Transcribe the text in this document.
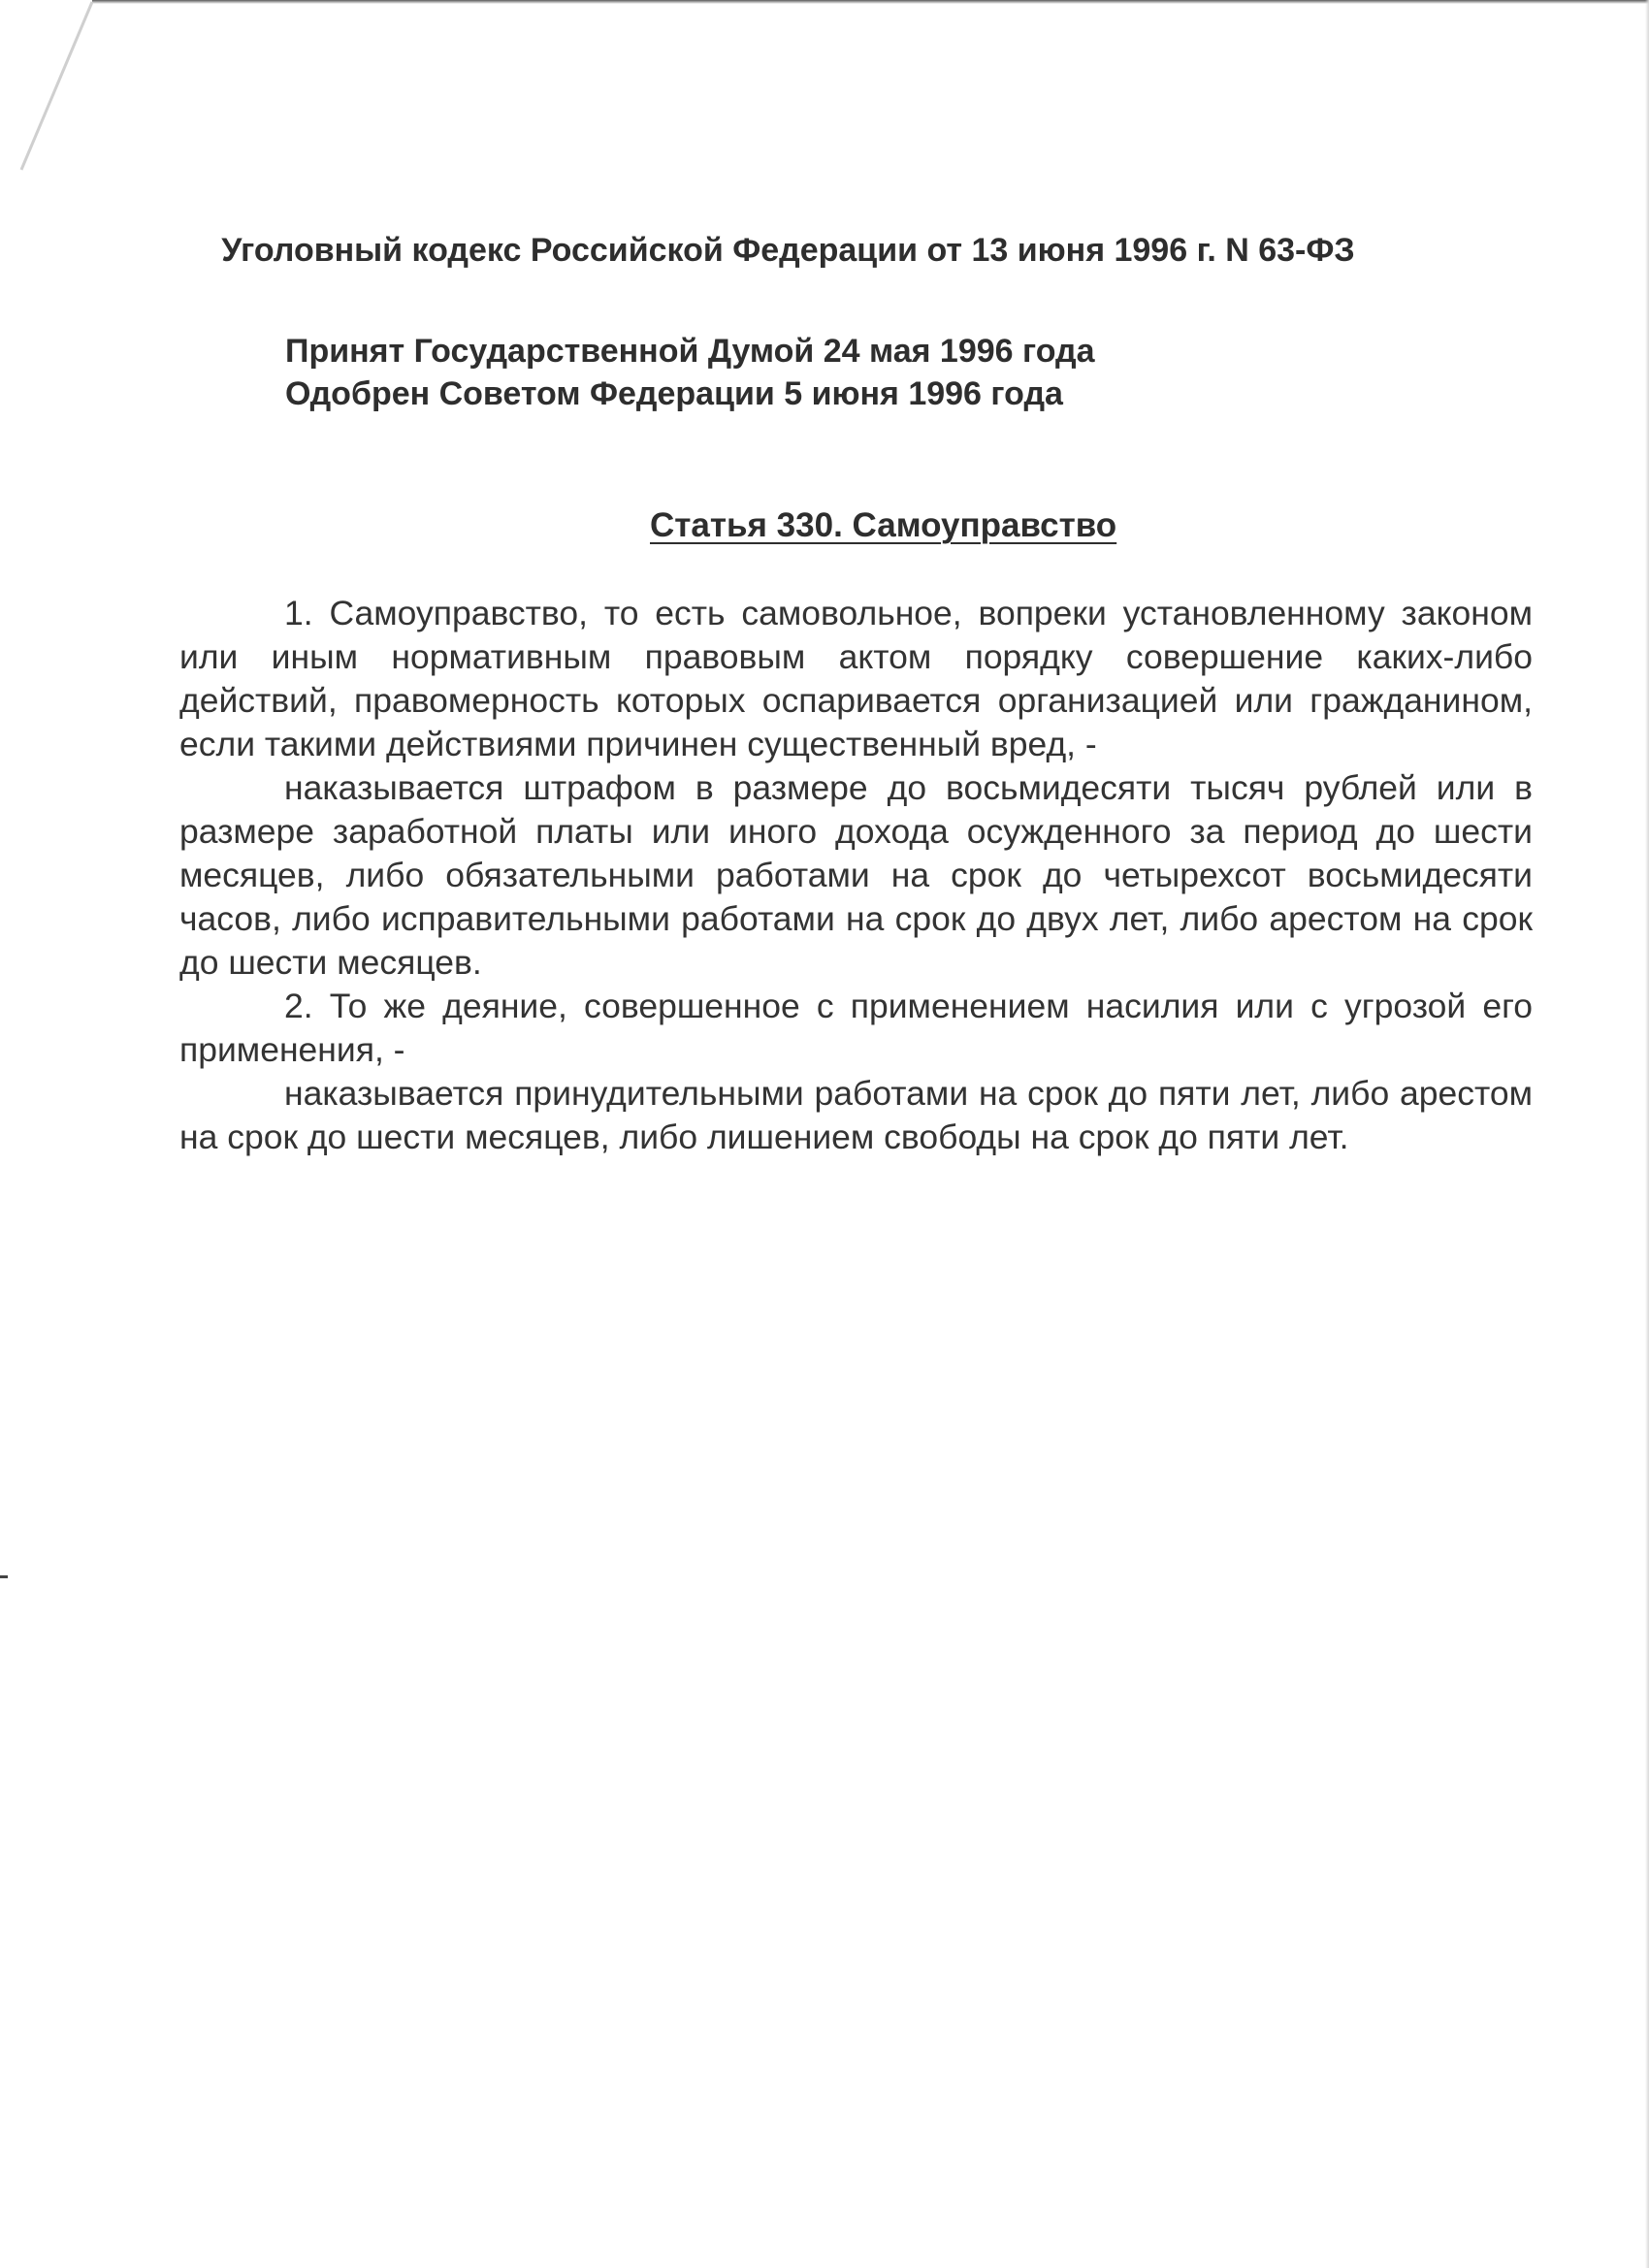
Уголовный кодекс Российской Федерации от 13 июня 1996 г. N 63-ФЗ
Принят Государственной Думой 24 мая 1996 года
Одобрен Советом Федерации 5 июня 1996 года
Статья 330. Самоуправство

1. Самоуправство, то есть самовольное, вопреки установленному законом или иным нормативным правовым актом порядку совершение каких-либо действий, правомерность которых оспаривается организацией или гражданином, если такими действиями причинен существенный вред, -

наказывается штрафом в размере до восьмидесяти тысяч рублей или в размере заработной платы или иного дохода осужденного за период до шести месяцев, либо обязательными работами на срок до четырехсот восьмидесяти часов, либо исправительными работами на срок до двух лет, либо арестом на срок до шести месяцев.

2. То же деяние, совершенное с применением насилия или с угрозой его применения, -

наказывается принудительными работами на срок до пяти лет, либо арестом на срок до шести месяцев, либо лишением свободы на срок до пяти лет.
